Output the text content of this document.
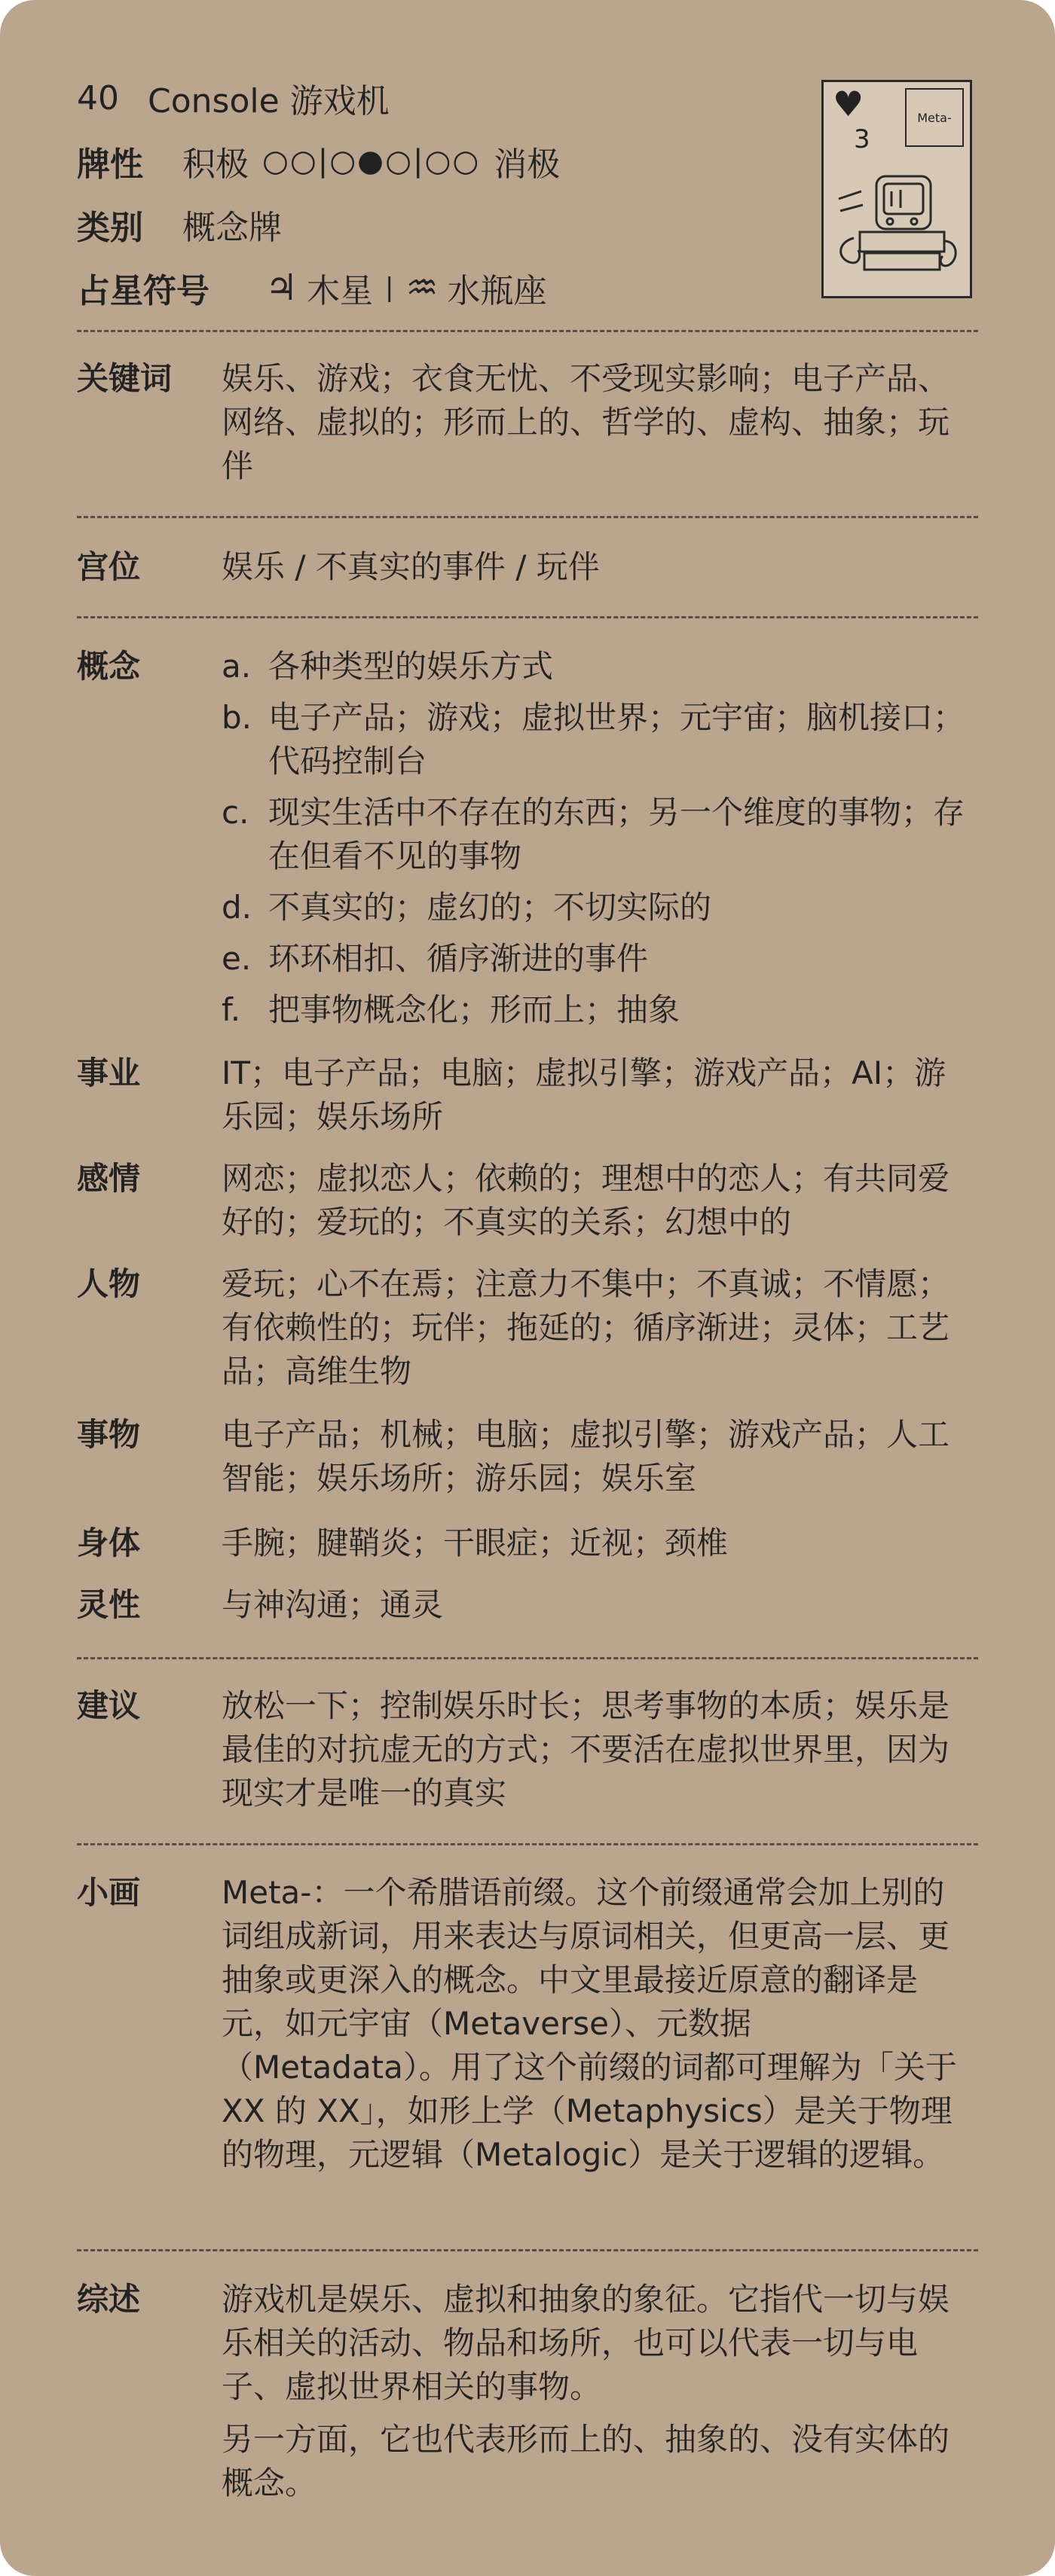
40 Console 游戏机
牌性	积极 ○○|○●○|○○ 消极
类别	概念牌
占星符号	♃ 木星 | ♒ 水瓶座
♥
3
Meta-
关键词	娱乐、游戏；衣食无忧、不受现实影响；电子产品、网络、虚拟的；形而上的、哲学的、虚构、抽象；玩伴
宫位	娱乐 / 不真实的事件 / 玩伴
概念	a. 各种类型的娱乐方式
b. 电子产品；游戏；虚拟世界；元宇宙；脑机接口；代码控制台
c. 现实生活中不存在的东西；另一个维度的事物；存在但看不见的事物
d. 不真实的；虚幻的；不切实际的
e. 环环相扣、循序渐进的事件
f. 把事物概念化；形而上；抽象
事业	IT；电子产品；电脑；虚拟引擎；游戏产品；AI；游乐园；娱乐场所
感情	网恋；虚拟恋人；依赖的；理想中的恋人；有共同爱好的；爱玩的；不真实的关系；幻想中的
人物	爱玩；心不在焉；注意力不集中；不真诚；不情愿；有依赖性的；玩伴；拖延的；循序渐进；灵体；工艺品；高维生物
事物	电子产品；机械；电脑；虚拟引擎；游戏产品；人工智能；娱乐场所；游乐园；娱乐室
身体	手腕；腱鞘炎；干眼症；近视；颈椎
灵性	与神沟通；通灵
建议	放松一下；控制娱乐时长；思考事物的本质；娱乐是最佳的对抗虚无的方式；不要活在虚拟世界里，因为现实才是唯一的真实
小画	Meta-：一个希腊语前缀。这个前缀通常会加上别的词组成新词，用来表达与原词相关，但更高一层、更抽象或更深入的概念。中文里最接近原意的翻译是元，如元宇宙（Metaverse）、元数据（Metadata）。用了这个前缀的词都可理解为「关于 XX 的 XX」，如形上学（Metaphysics）是关于物理的物理，元逻辑（Metalogic）是关于逻辑的逻辑。
综述	游戏机是娱乐、虚拟和抽象的象征。它指代一切与娱乐相关的活动、物品和场所，也可以代表一切与电子、虚拟世界相关的事物。
另一方面，它也代表形而上的、抽象的、没有实体的概念。
